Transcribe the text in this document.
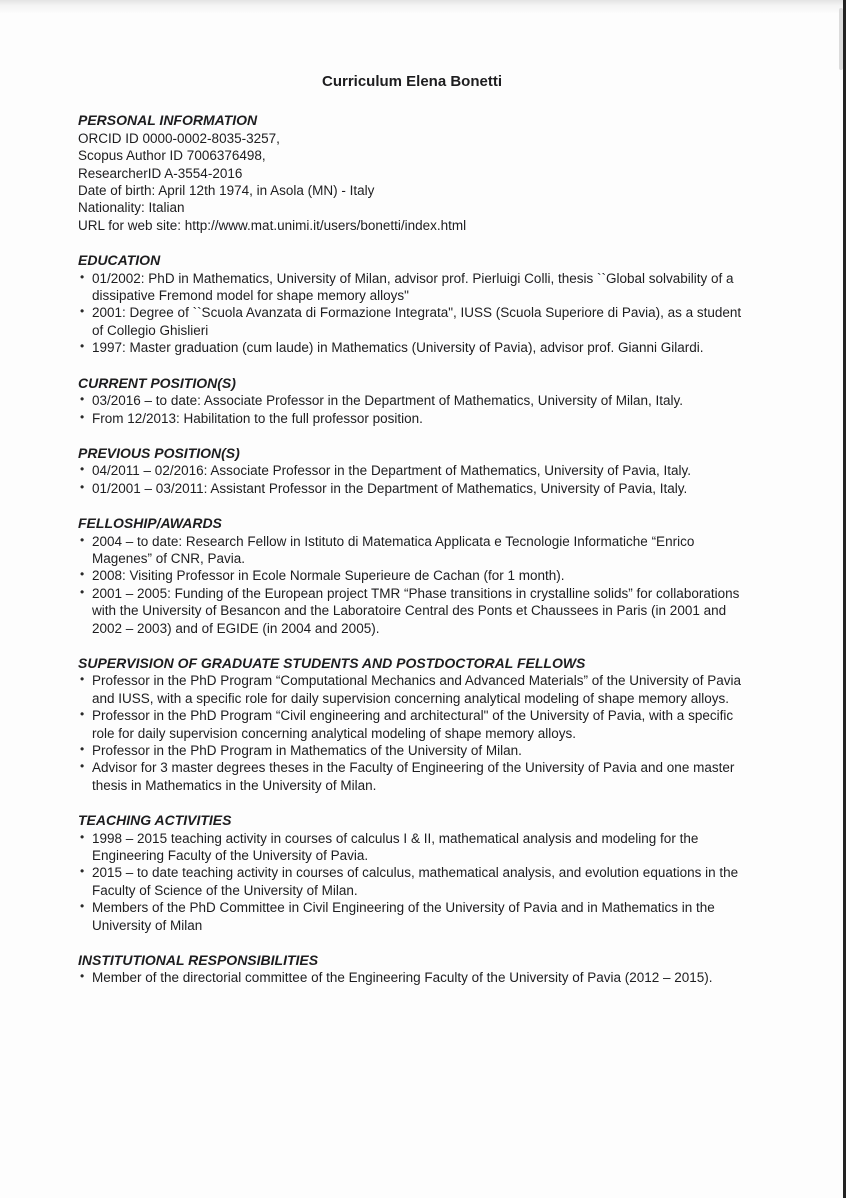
Curriculum Elena Bonetti
PERSONAL INFORMATION
ORCID ID 0000-0002-8035-3257,
Scopus Author ID 7006376498,
ResearcherID A-3554-2016
Date of birth: April 12th 1974, in Asola (MN) - Italy
Nationality: Italian
URL for web site: http://www.mat.unimi.it/users/bonetti/index.html
EDUCATION
• 01/2002: PhD in Mathematics, University of Milan, advisor prof. Pierluigi Colli, thesis ``Global solvability of a dissipative Fremond model for shape memory alloys"
• 2001: Degree of ``Scuola Avanzata di Formazione Integrata", IUSS (Scuola Superiore di Pavia), as a student of Collegio Ghislieri
• 1997: Master graduation (cum laude) in Mathematics (University of Pavia), advisor prof. Gianni Gilardi.
CURRENT POSITION(S)
• 03/2016 – to date: Associate Professor in the Department of Mathematics, University of Milan, Italy.
• From 12/2013: Habilitation to the full professor position.
PREVIOUS POSITION(S)
• 04/2011 – 02/2016: Associate Professor in the Department of Mathematics, University of Pavia, Italy.
• 01/2001 – 03/2011: Assistant Professor in the Department of Mathematics, University of Pavia, Italy.
FELLOSHIP/AWARDS
• 2004 – to date: Research Fellow in Istituto di Matematica Applicata e Tecnologie Informatiche “Enrico Magenes” of CNR, Pavia.
• 2008: Visiting Professor in Ecole Normale Superieure de Cachan (for 1 month).
• 2001 – 2005: Funding of the European project TMR “Phase transitions in crystalline solids” for collaborations with the University of Besancon and the Laboratoire Central des Ponts et Chaussees in Paris (in 2001 and 2002 – 2003) and of EGIDE (in 2004 and 2005).
SUPERVISION OF GRADUATE STUDENTS AND POSTDOCTORAL FELLOWS
• Professor in the PhD Program “Computational Mechanics and Advanced Materials” of the University of Pavia and IUSS, with a specific role for daily supervision concerning analytical modeling of shape memory alloys.
• Professor in the PhD Program “Civil engineering and architectural" of the University of Pavia, with a specific role for daily supervision concerning analytical modeling of shape memory alloys.
• Professor in the PhD Program in Mathematics of the University of Milan.
• Advisor for 3 master degrees theses in the Faculty of Engineering of the University of Pavia and one master thesis in Mathematics in the University of Milan.
TEACHING ACTIVITIES
• 1998 – 2015 teaching activity in courses of calculus I & II, mathematical analysis and modeling for the Engineering Faculty of the University of Pavia.
• 2015 – to date teaching activity in courses of calculus, mathematical analysis, and evolution equations in the Faculty of Science of the University of Milan.
• Members of the PhD Committee in Civil Engineering of the University of Pavia and in Mathematics in the University of Milan
INSTITUTIONAL RESPONSIBILITIES
• Member of the directorial committee of the Engineering Faculty of the University of Pavia (2012 – 2015).
